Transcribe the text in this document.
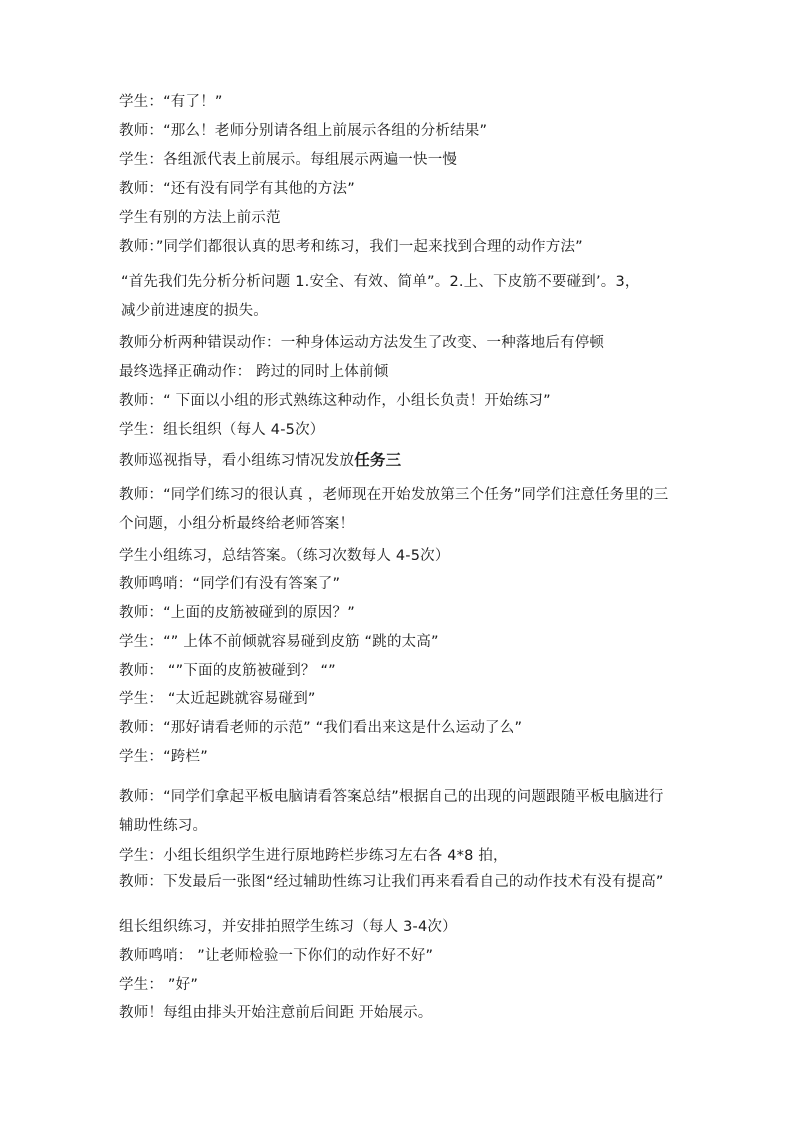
学生：“有了！”
教师：“那么！老师分别请各组上前展示各组的分析结果”
学生：各组派代表上前展示。每组展示两遍一快一慢
教师：“还有没有同学有其他的方法”
学生有别的方法上前示范
教师：”同学们都很认真的思考和练习，我们一起来找到合理的动作方法”
“首先我们先分析分析问题 1.安全、有效、简单”。2.上、下皮筋不要碰到’。3，减少前进速度的损失。
教师分析两种错误动作：一种身体运动方法发生了改变、一种落地后有停顿
最终选择正确动作： 跨过的同时上体前倾
教师：“ 下面以小组的形式熟练这种动作，小组长负责！开始练习”
学生：组长组织（每人 4-5次）
教师巡视指导，看小组练习情况发放任务三
教师：“同学们练习的很认真 ，老师现在开始发放第三个任务”同学们注意任务里的三个问题，小组分析最终给老师答案！
学生小组练习，总结答案。（练习次数每人 4-5次）
教师鸣哨：“同学们有没有答案了”
教师：“上面的皮筋被碰到的原因？”
学生：“” 上体不前倾就容易碰到皮筋 “跳的太高”
教师： “”下面的皮筋被碰到？ “”
学生： “太近起跳就容易碰到”
教师：“那好请看老师的示范” “我们看出来这是什么运动了么”
学生：“跨栏”
教师：“同学们拿起平板电脑请看答案总结”根据自己的出现的问题跟随平板电脑进行辅助性练习。
学生：小组长组织学生进行原地跨栏步练习左右各 4*8 拍，
教师：下发最后一张图“经过辅助性练习让我们再来看看自己的动作技术有没有提高”
组长组织练习，并安排拍照学生练习（每人 3-4次）
教师鸣哨： ”让老师检验一下你们的动作好不好”
学生： ”好”
教师！每组由排头开始注意前后间距 开始展示。
